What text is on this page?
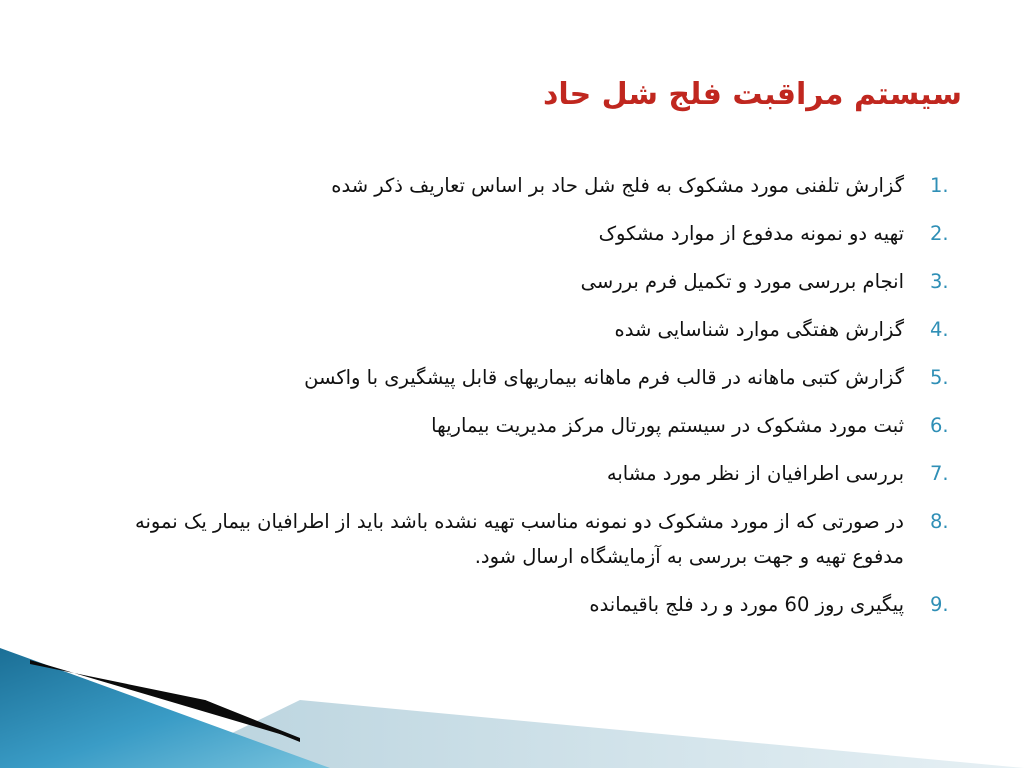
سیستم مراقبت فلج شل حاد
1.
گزارش تلفنی مورد مشکوک به فلج شل حاد بر اساس تعاریف ذکر شده
2.
تهیه دو نمونه مدفوع از موارد مشکوک
3.
انجام بررسی مورد و تکمیل فرم بررسی
4.
گزارش هفتگی موارد شناسایی شده
5.
گزارش کتبی ماهانه در قالب فرم ماهانه بیماریهای قابل پیشگیری با واکسن
6.
ثبت مورد مشکوک در سیستم پورتال مرکز مدیریت بیماریها
7.
بررسی اطرافیان از نظر مورد مشابه
8.
در صورتی که از مورد مشکوک دو نمونه مناسب تهیه نشده باشد باید از اطرافیان بیمار یک نمونه مدفوع تهیه و جهت بررسی به آزمایشگاه ارسال شود.
9.
پیگیری روز 60 مورد و رد فلج باقیمانده
